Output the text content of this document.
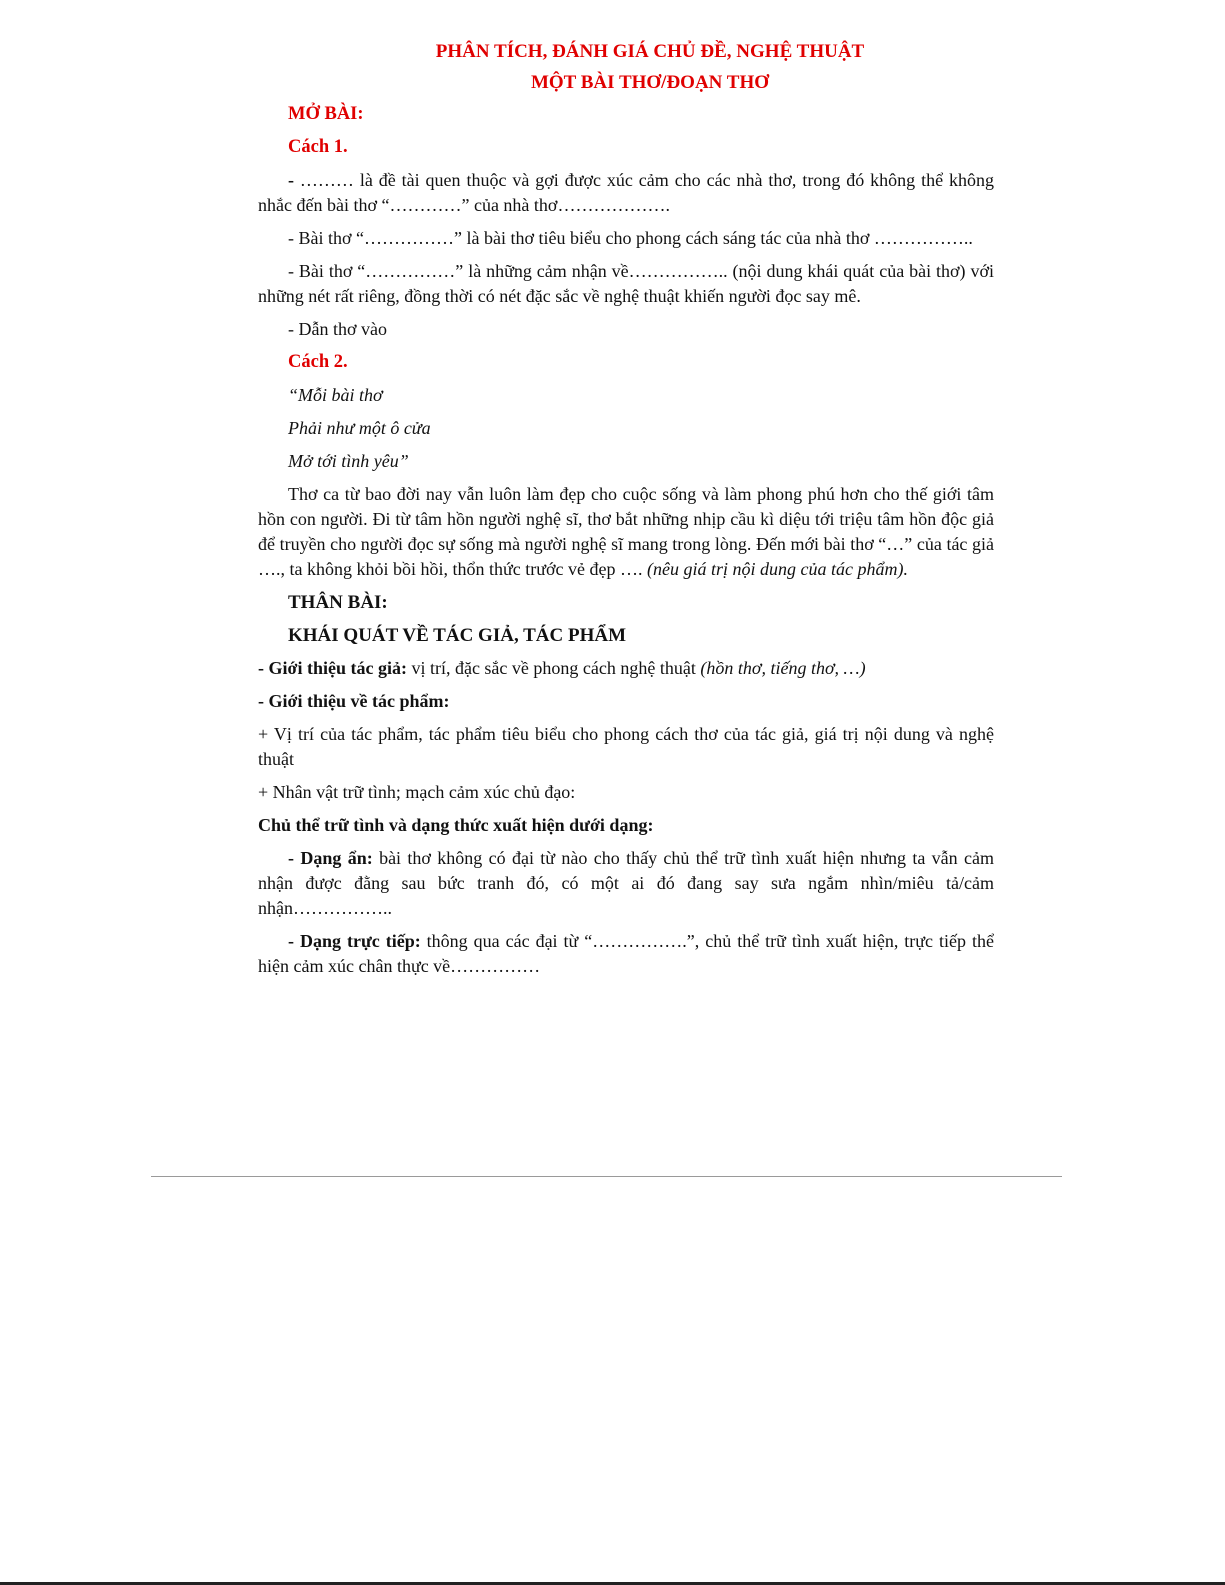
PHÂN TÍCH, ĐÁNH GIÁ CHỦ ĐỀ, NGHỆ THUẬT

MỘT BÀI THƠ/ĐOẠN THƠ

MỞ BÀI:

Cách 1.

- ……… là đề tài quen thuộc và gợi được xúc cảm cho các nhà thơ, trong đó không thể không nhắc đến bài thơ “…………” của nhà thơ……………….

- Bài thơ “……………” là bài thơ tiêu biểu cho phong cách sáng tác của nhà thơ ……………..

- Bài thơ “……………” là những cảm nhận về…………….. (nội dung khái quát của bài thơ) với những nét rất riêng, đồng thời có nét đặc sắc về nghệ thuật khiến người đọc say mê.

- Dẫn thơ vào

Cách 2.

“Mỗi bài thơ

Phải như một ô cửa

Mở tới tình yêu”

Thơ ca từ bao đời nay vẫn luôn làm đẹp cho cuộc sống và làm phong phú hơn cho thế giới tâm hồn con người. Đi từ tâm hồn người nghệ sĩ, thơ bắt những nhịp cầu kì diệu tới triệu tâm hồn độc giả để truyền cho người đọc sự sống mà người nghệ sĩ mang trong lòng. Đến mới bài thơ “…” của tác giả …., ta không khỏi bồi hồi, thổn thức trước vẻ đẹp …. (nêu giá trị nội dung của tác phẩm).

THÂN BÀI:

KHÁI QUÁT VỀ TÁC GIẢ, TÁC PHẨM

- Giới thiệu tác giả: vị trí, đặc sắc về phong cách nghệ thuật (hồn thơ, tiếng thơ, …)

- Giới thiệu về tác phẩm:

+ Vị trí của tác phẩm, tác phẩm tiêu biểu cho phong cách thơ của tác giả, giá trị nội dung và nghệ thuật

+ Nhân vật trữ tình; mạch cảm xúc chủ đạo:

Chủ thể trữ tình và dạng thức xuất hiện dưới dạng:

- Dạng ẩn: bài thơ không có đại từ nào cho thấy chủ thể trữ tình xuất hiện nhưng ta vẫn cảm nhận được đằng sau bức tranh đó, có một ai đó đang say sưa ngắm nhìn/miêu tả/cảm nhận……………..

- Dạng trực tiếp: thông qua các đại từ “…………….”, chủ thể trữ tình xuất hiện, trực tiếp thể hiện cảm xúc chân thực về……………
